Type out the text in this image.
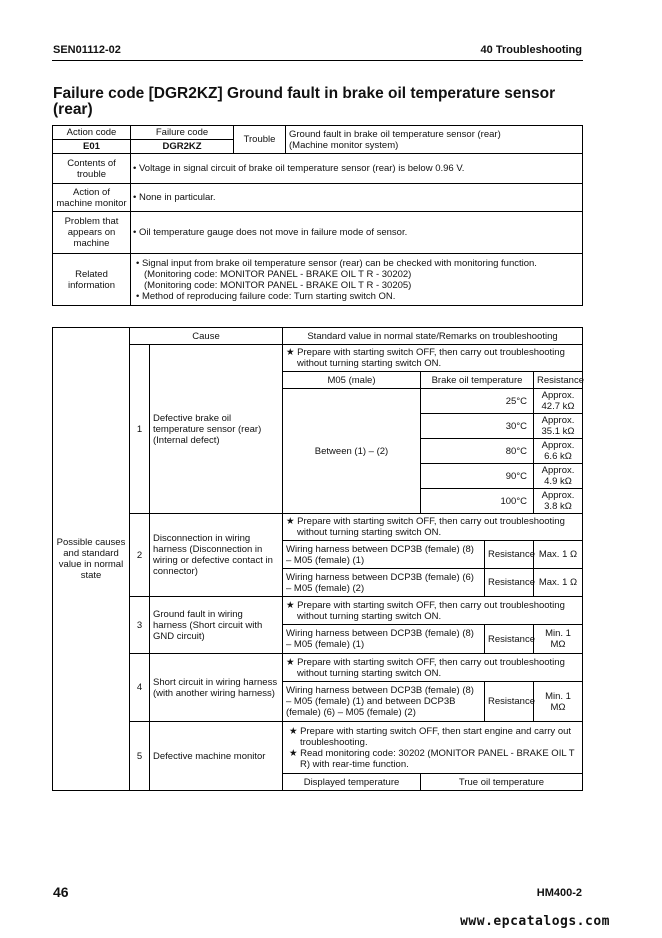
SEN01112-02	40 Troubleshooting
Failure code [DGR2KZ] Ground fault in brake oil temperature sensor (rear)
Action code	Failure code	Trouble	Ground fault in brake oil temperature sensor (rear)
(Machine monitor system)

E01	DGR2KZ		
Contents of trouble	• Voltage in signal circuit of brake oil temperature sensor (rear) is below 0.96 V.		
Action of machine monitor	• None in particular.		
Problem that appears on machine	• Oil temperature gauge does not move in failure mode of sensor.		
Related information	• Signal input from brake oil temperature sensor (rear) can be checked with monitoring function.
(Monitoring code: MONITOR PANEL - BRAKE OIL T R - 30202)
(Monitoring code: MONITOR PANEL - BRAKE OIL T R - 30205)
• Method of reproducing failure code: Turn starting switch ON.		
Possible causes and standard value in normal state	Cause		Standard value in normal state/Remarks on troubleshooting			
	1	Defective brake oil temperature sensor (rear) (Internal defect)	★ Prepare with starting switch OFF, then carry out troubleshooting without turning starting switch ON.			
			M05 (male)	Brake oil temperature		Resistance
			Between (1) – (2)	25°C		Approx. 42.7 kΩ
				30°C		Approx. 35.1 kΩ
				80°C		Approx. 6.6 kΩ
				90°C		Approx. 4.9 kΩ
				100°C		Approx. 3.8 kΩ
	2	Disconnection in wiring harness (Disconnection in wiring or defective contact in connector)	★ Prepare with starting switch OFF, then carry out troubleshooting without turning starting switch ON.			
			Wiring harness between DCP3B (female) (8) – M05 (female) (1)		Resistance	Max. 1 Ω
			Wiring harness between DCP3B (female) (6) – M05 (female) (2)		Resistance	Max. 1 Ω
	3	Ground fault in wiring harness (Short circuit with GND circuit)	★ Prepare with starting switch OFF, then carry out troubleshooting without turning starting switch ON.			
			Wiring harness between DCP3B (female) (8) – M05 (female) (1)		Resistance	Min. 1 MΩ
	4	Short circuit in wiring harness (with another wiring harness)	★ Prepare with starting switch OFF, then carry out troubleshooting without turning starting switch ON.			
			Wiring harness between DCP3B (female) (8) – M05 (female) (1) and between DCP3B (female) (6) – M05 (female) (2)		Resistance	Min. 1 MΩ
	5	Defective machine monitor	★ Prepare with starting switch OFF, then start engine and carry out troubleshooting.
★ Read monitoring code: 30202 (MONITOR PANEL - BRAKE OIL T R) with rear-time function.			

			Displayed temperature	True oil temperature		
46	HM400-2
www.epcatalogs.com
